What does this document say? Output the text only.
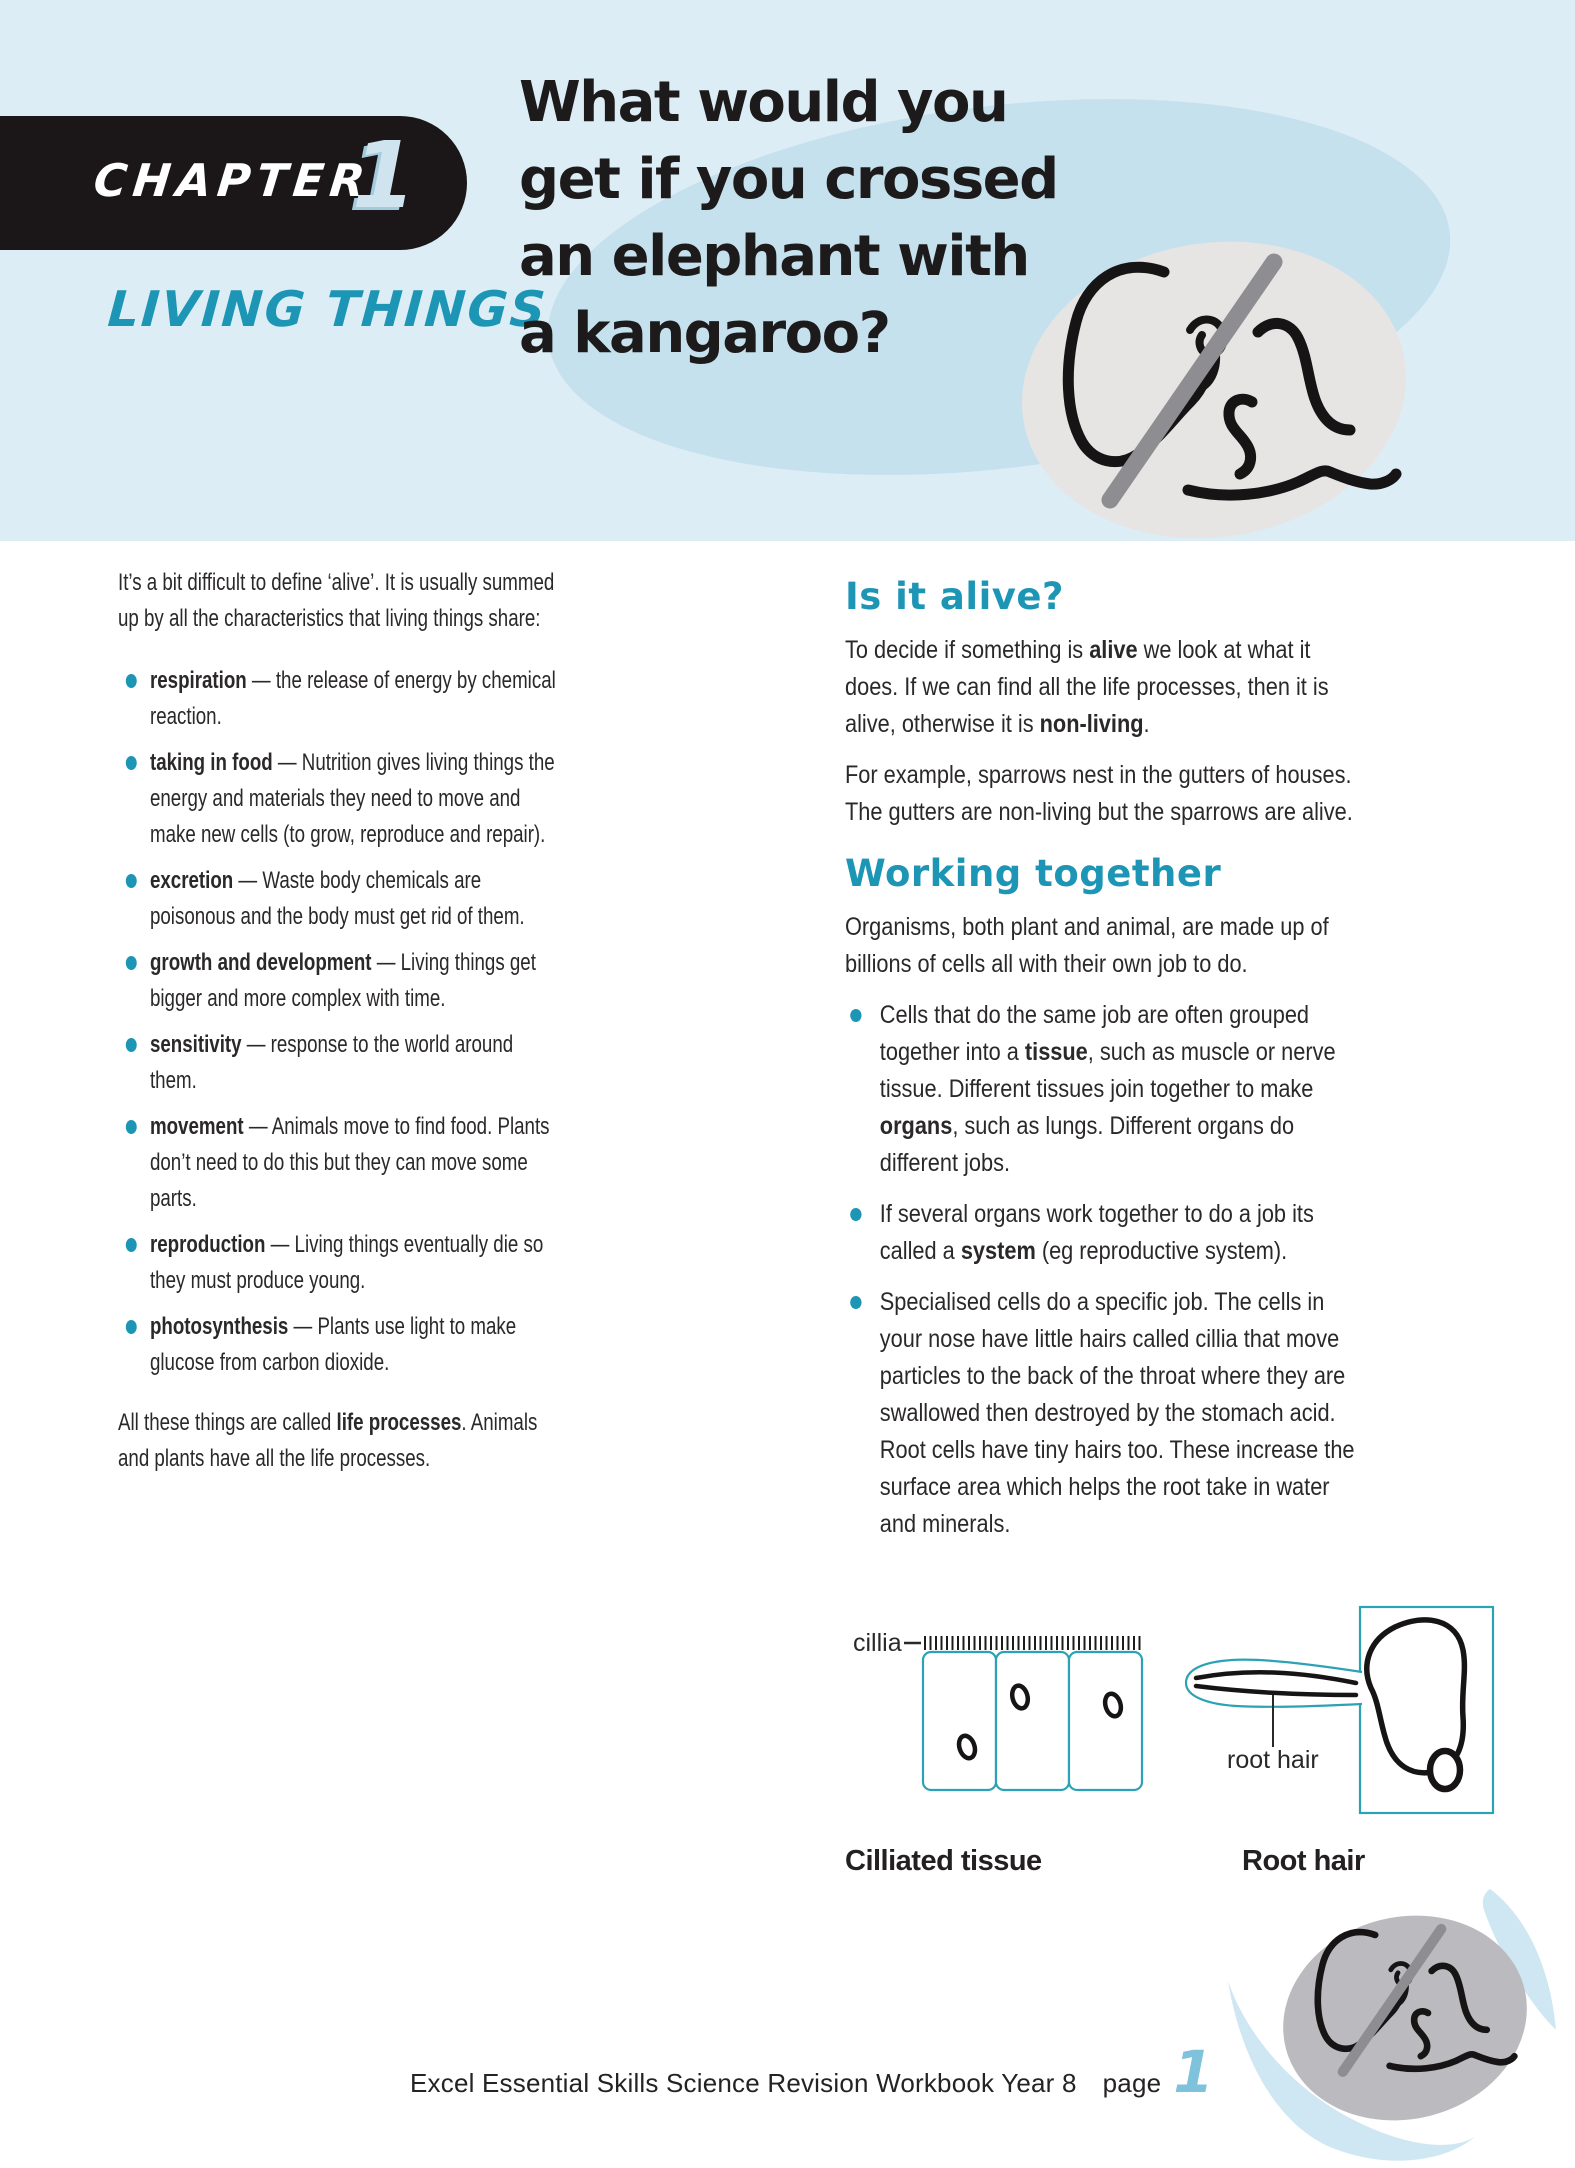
CHAPTER
1
LIVING THINGS
What would you
get if you crossed
an elephant with
a kangaroo?

It’s a bit difficult to define ‘alive’. It is usually summed up by all the characteristics that living things share:

respiration — the release of energy by chemical reaction.
taking in food — Nutrition gives living things the energy and materials they need to move and make new cells (to grow, reproduce and repair).
excretion — Waste body chemicals are poisonous and the body must get rid of them.
growth and development — Living things get bigger and more complex with time.
sensitivity — response to the world around them.
movement — Animals move to find food. Plants don’t need to do this but they can move some parts.
reproduction — Living things eventually die so they must produce young.
photosynthesis — Plants use light to make glucose from carbon dioxide.

All these things are called life processes. Animals and plants have all the life processes.

Is it alive?

To decide if something is alive we look at what it does. If we can find all the life processes, then it is alive, otherwise it is non-living.

For example, sparrows nest in the gutters of houses. The gutters are non-living but the sparrows are alive.

Working together

Organisms, both plant and animal, are made up of billions of cells all with their own job to do.

Cells that do the same job are often grouped together into a tissue, such as muscle or nerve tissue. Different tissues join together to make organs, such as lungs. Different organs do different jobs.
If several organs work together to do a job its called a system (eg reproductive system).
Specialised cells do a specific job. The cells in your nose have little hairs called cillia that move particles to the back of the throat where they are swallowed then destroyed by the stomach acid. Root cells have tiny hairs too. These increase the surface area which helps the root take in water and minerals.
cillia
root hair
Cilliated tissue	Root hair
Excel Essential Skills Science Revision Workbook Year 8 page 1
